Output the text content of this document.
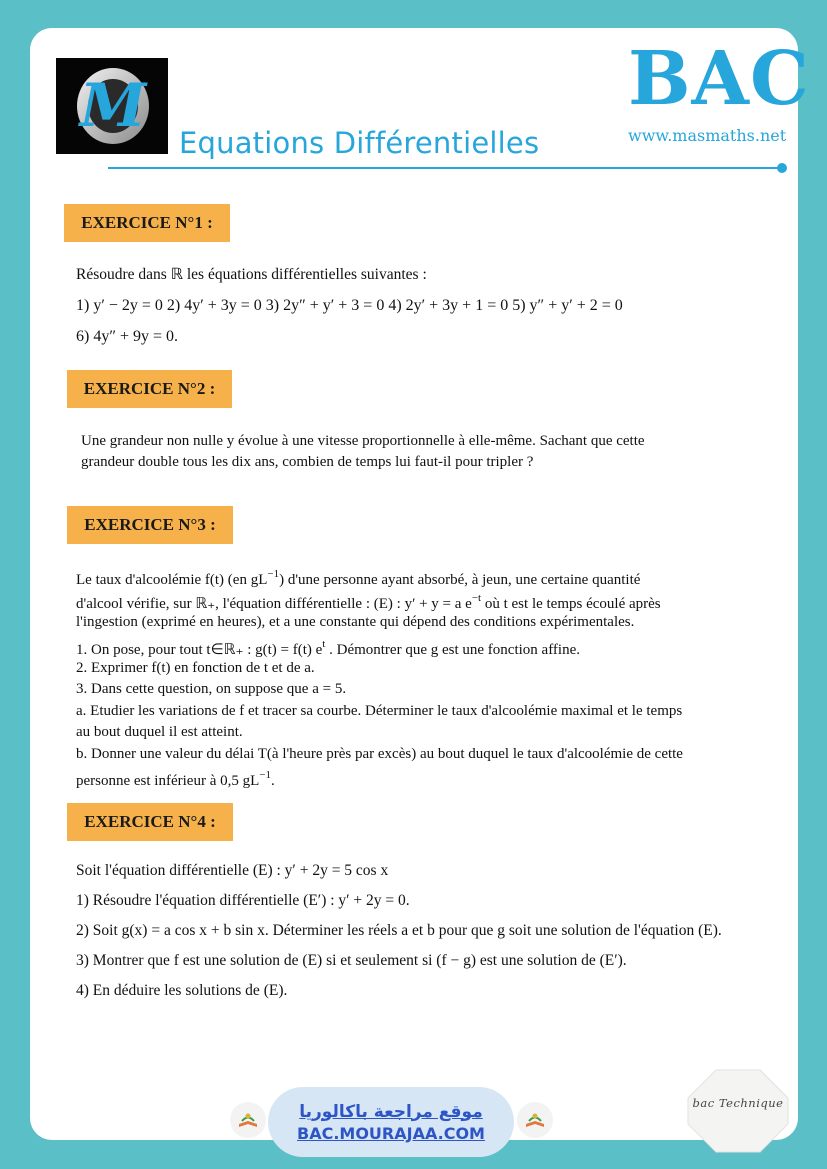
M
Equations Différentielles
BAC
www.masmaths.net
EXERCICE N°1 :
Résoudre dans ℝ les équations différentielles suivantes :
1) y′ − 2y = 0 2) 4y′ + 3y = 0 3) 2y″ + y′ + 3 = 0 4) 2y′ + 3y + 1 = 0 5) y″ + y′ + 2 = 0
6) 4y″ + 9y = 0.
EXERCICE N°2 :
Une grandeur non nulle y évolue à une vitesse proportionnelle à elle-même. Sachant que cette
grandeur double tous les dix ans, combien de temps lui faut-il pour tripler ?
EXERCICE N°3 :
Le taux d'alcoolémie f(t) (en $gL^{-1}$) d'une personne ayant absorbé, à jeun, une certaine quantité
d'alcool vérifie, sur ℝ₊, l'équation différentielle : (E) : y′ + y = a $e^{-t}$ où t est le temps écoulé après
l'ingestion (exprimé en heures), et a une constante qui dépend des conditions expérimentales.
1. On pose, pour tout t∈ℝ₊ : g(t) = f(t) $e^t$ . Démontrer que g est une fonction affine.
2. Exprimer f(t) en fonction de t et de a.
3. Dans cette question, on suppose que a = 5.
a. Etudier les variations de f et tracer sa courbe. Déterminer le taux d'alcoolémie maximal et le temps
au bout duquel il est atteint.
b. Donner une valeur du délai T(à l'heure près par excès) au bout duquel le taux d'alcoolémie de cette
personne est inférieur à 0,5 $gL^{-1}$.
EXERCICE N°4 :
Soit l'équation différentielle (E) : y′ + 2y = 5 cos x
1) Résoudre l'équation différentielle (E′) : y′ + 2y = 0.
2) Soit g(x) = a cos x + b sin x. Déterminer les réels a et b pour que g soit une solution de l'équation (E).
3) Montrer que f est une solution de (E) si et seulement si (f − g) est une solution de (E′).
4) En déduire les solutions de (E).
موقع مراجعة باكالوريا
BAC.MOURAJAA.COM
bac Technique
